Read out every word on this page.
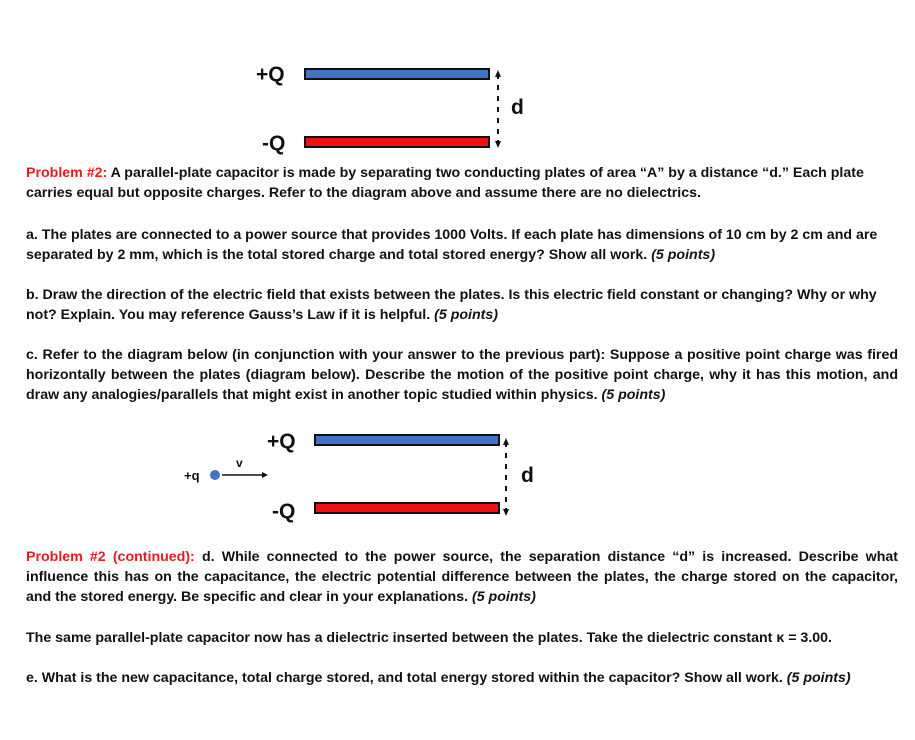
+Q
-Q
d

Problem #2: A parallel-plate capacitor is made by separating two conducting plates of area “A” by a distance “d.” Each plate carries equal but opposite charges. Refer to the diagram above and assume there are no dielectrics.

a. The plates are connected to a power source that provides 1000 Volts. If each plate has dimensions of 10 cm by 2 cm and are separated by 2 mm, which is the total stored charge and total stored energy? Show all work. (5 points)

b. Draw the direction of the electric field that exists between the plates. Is this electric field constant or changing? Why or why not? Explain. You may reference Gauss’s Law if it is helpful. (5 points)

c. Refer to the diagram below (in conjunction with your answer to the previous part): Suppose a positive point charge was fired horizontally between the plates (diagram below). Describe the motion of the positive point charge, why it has this motion, and draw any analogies/parallels that might exist in another topic studied within physics. (5 points)

+Q
-Q
d
+q
v

Problem #2 (continued): d. While connected to the power source, the separation distance “d” is increased. Describe what influence this has on the capacitance, the electric potential difference between the plates, the charge stored on the capacitor, and the stored energy. Be specific and clear in your explanations. (5 points)

The same parallel-plate capacitor now has a dielectric inserted between the plates. Take the dielectric constant κ = 3.00.

e. What is the new capacitance, total charge stored, and total energy stored within the capacitor? Show all work. (5 points)
